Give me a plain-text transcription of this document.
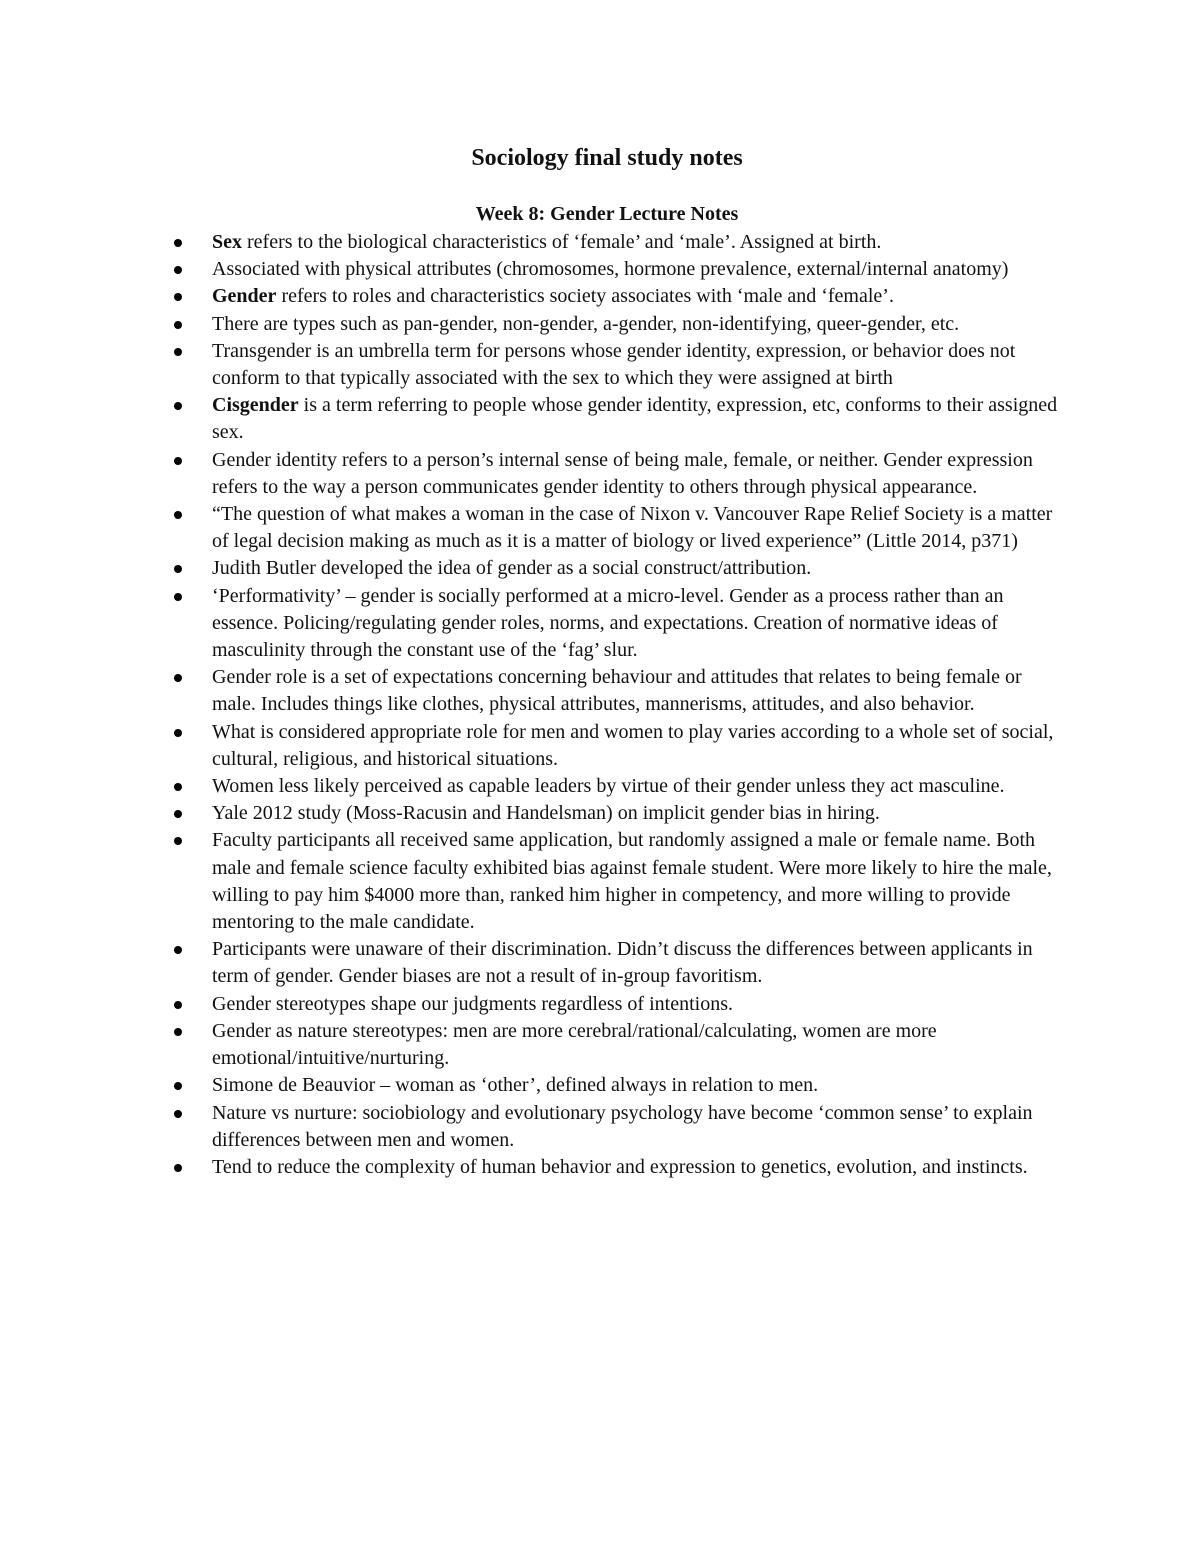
Sociology final study notes
Week 8: Gender Lecture Notes
Sex refers to the biological characteristics of ‘female’ and ‘male’. Assigned at birth.
Associated with physical attributes (chromosomes, hormone prevalence, external/internal anatomy)
Gender refers to roles and characteristics society associates with ‘male and ‘female’.
There are types such as pan-gender, non-gender, a-gender, non-identifying, queer-gender, etc.
Transgender is an umbrella term for persons whose gender identity, expression, or behavior does not conform to that typically associated with the sex to which they were assigned at birth
Cisgender is a term referring to people whose gender identity, expression, etc, conforms to their assigned sex.
Gender identity refers to a person’s internal sense of being male, female, or neither. Gender expression refers to the way a person communicates gender identity to others through physical appearance.
“The question of what makes a woman in the case of Nixon v. Vancouver Rape Relief Society is a matter of legal decision making as much as it is a matter of biology or lived experience” (Little 2014, p371)
Judith Butler developed the idea of gender as a social construct/attribution.
‘Performativity’ – gender is socially performed at a micro-level. Gender as a process rather than an essence. Policing/regulating gender roles, norms, and expectations. Creation of normative ideas of masculinity through the constant use of the ‘fag’ slur.
Gender role is a set of expectations concerning behaviour and attitudes that relates to being female or male. Includes things like clothes, physical attributes, mannerisms, attitudes, and also behavior.
What is considered appropriate role for men and women to play varies according to a whole set of social, cultural, religious, and historical situations.
Women less likely perceived as capable leaders by virtue of their gender unless they act masculine.
Yale 2012 study (Moss-Racusin and Handelsman) on implicit gender bias in hiring.
Faculty participants all received same application, but randomly assigned a male or female name. Both male and female science faculty exhibited bias against female student. Were more likely to hire the male, willing to pay him $4000 more than, ranked him higher in competency, and more willing to provide mentoring to the male candidate.
Participants were unaware of their discrimination. Didn’t discuss the differences between applicants in term of gender. Gender biases are not a result of in-group favoritism.
Gender stereotypes shape our judgments regardless of intentions.
Gender as nature stereotypes: men are more cerebral/rational/calculating, women are more emotional/intuitive/nurturing.
Simone de Beauvior – woman as ‘other’, defined always in relation to men.
Nature vs nurture: sociobiology and evolutionary psychology have become ‘common sense’ to explain differences between men and women.
Tend to reduce the complexity of human behavior and expression to genetics, evolution, and instincts.
